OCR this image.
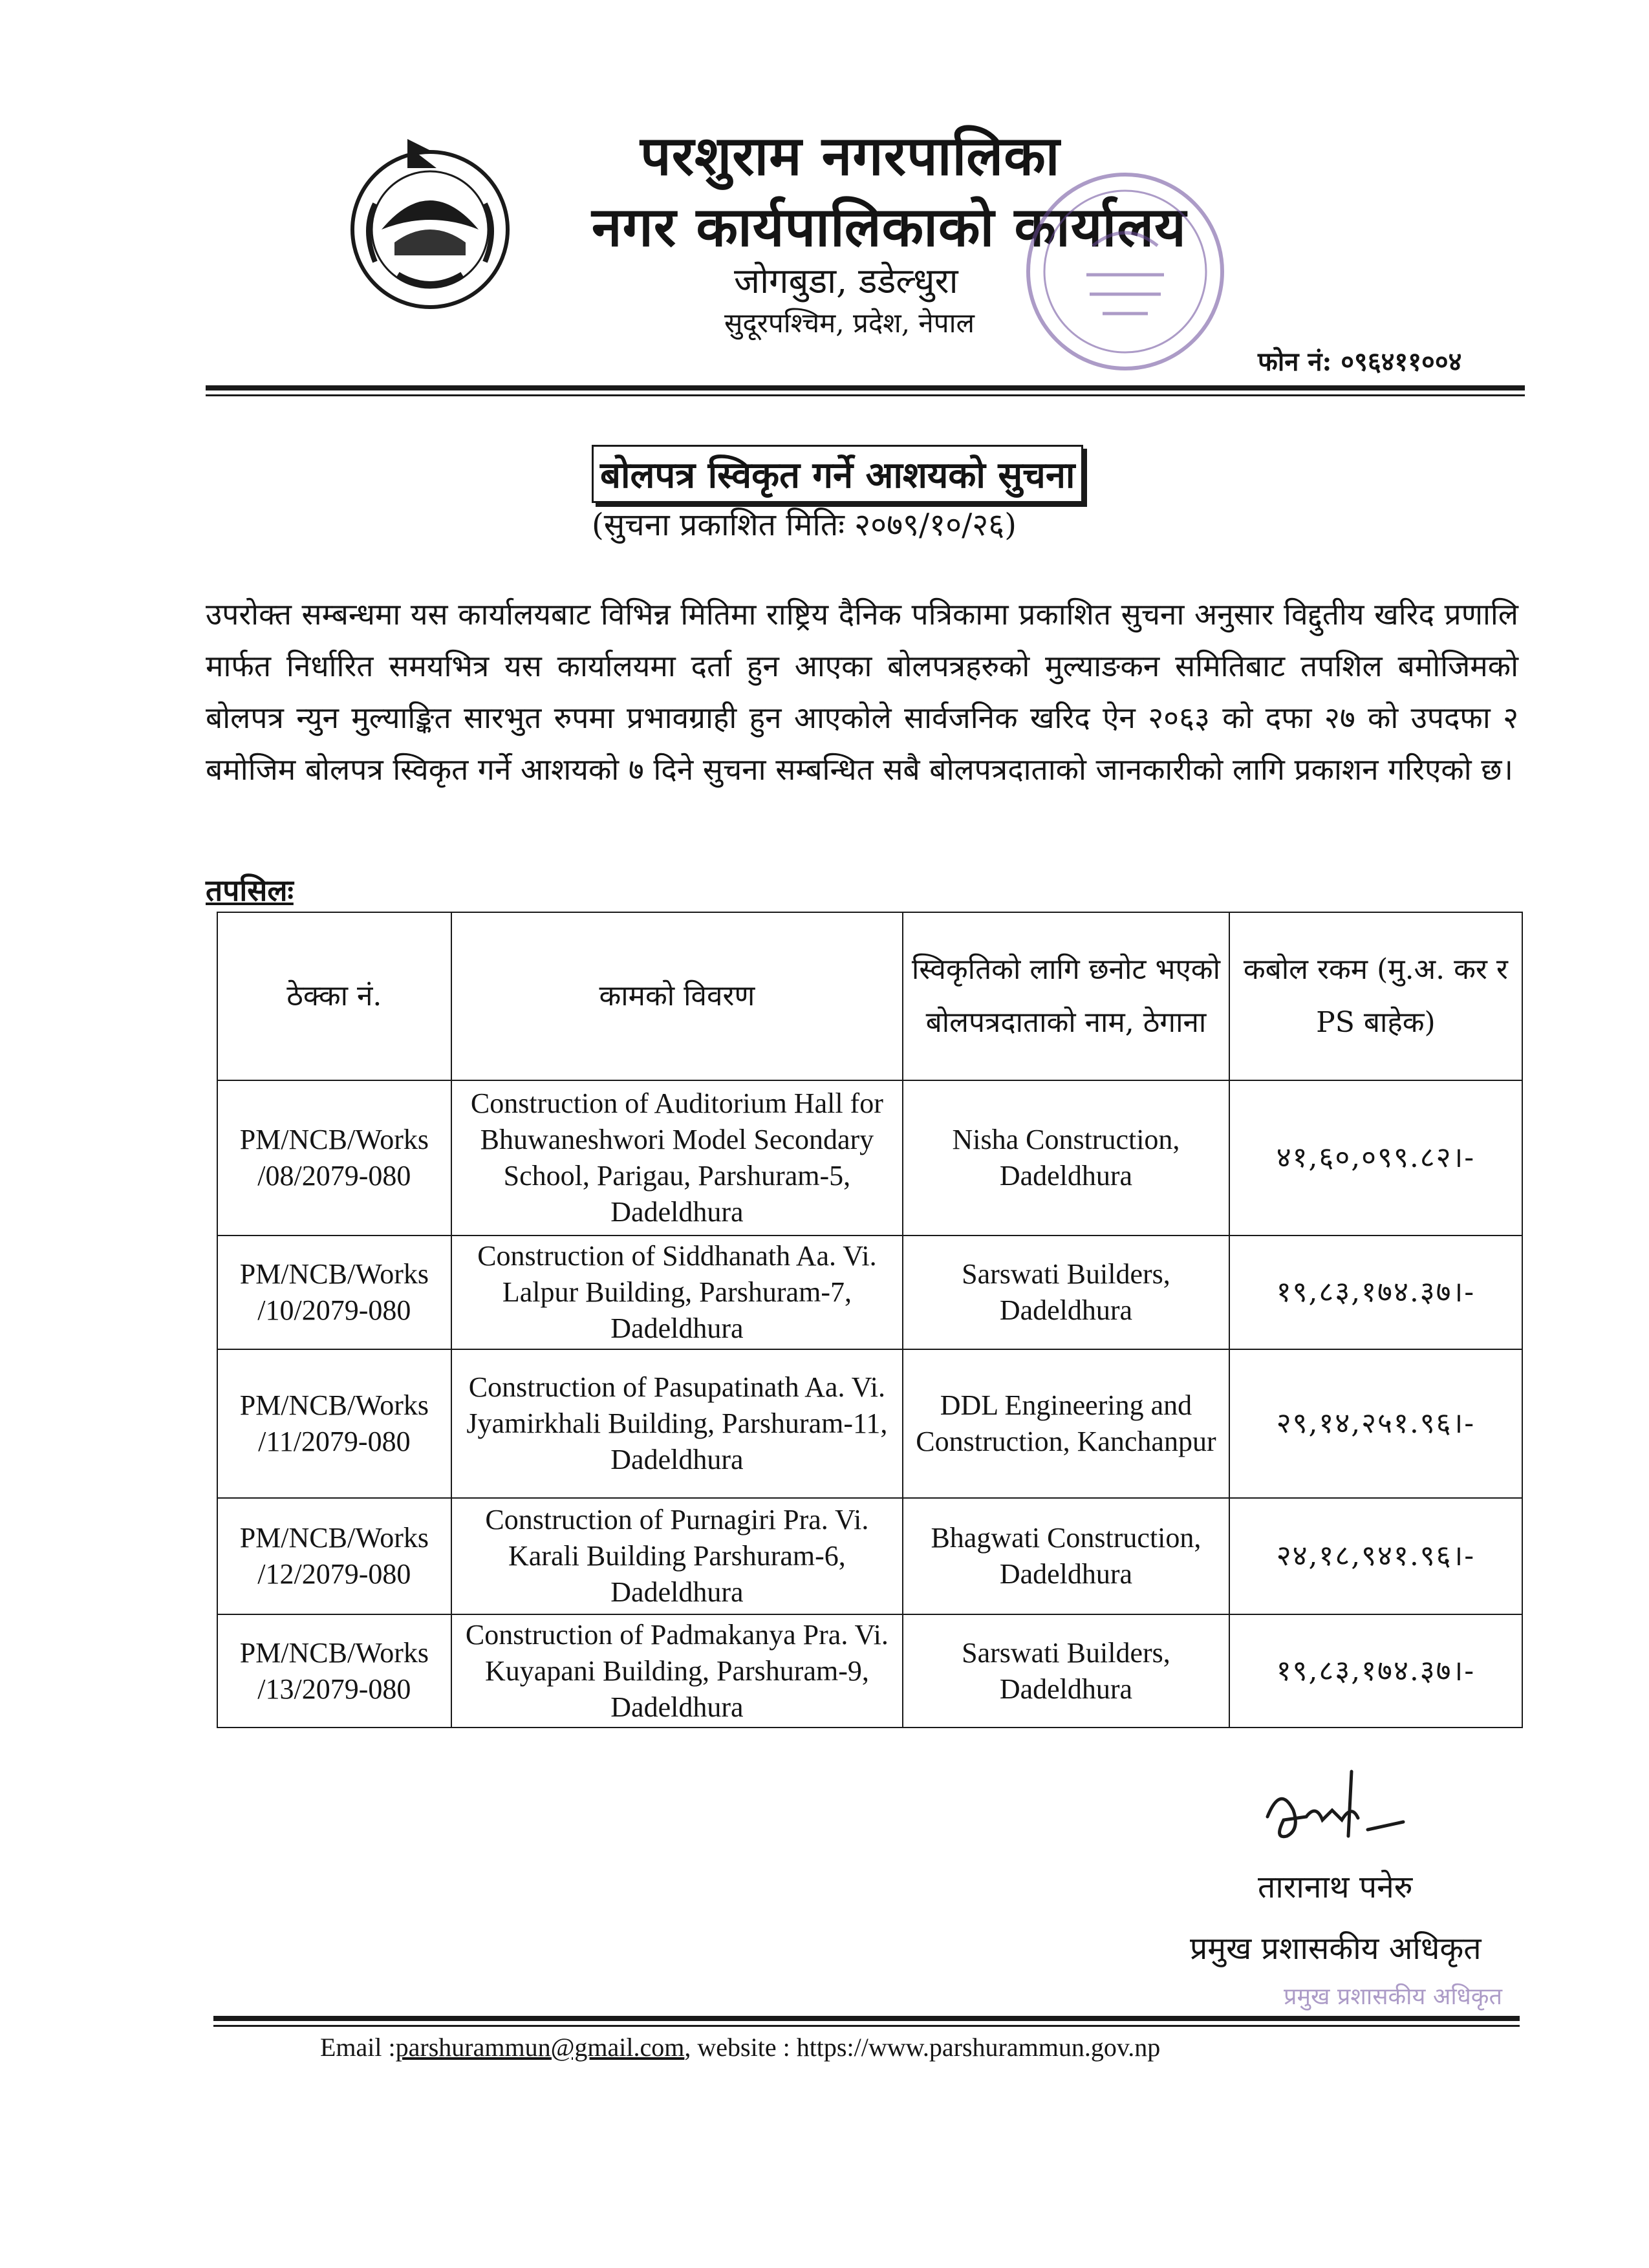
परशुराम नगरपालिका
नगर कार्यपालिकाको कार्यालय
जोगबुडा, डडेल्धुरा
सुदूरपश्चिम, प्रदेश, नेपाल
फोन नं: ०९६४११००४
बोलपत्र स्विकृत गर्ने आशयको सुचना
(सुचना प्रकाशित मितिः २०७९/१०/२६)
उपरोक्त सम्बन्धमा यस कार्यालयबाट विभिन्न मितिमा राष्ट्रिय दैनिक पत्रिकामा प्रकाशित सुचना अनुसार विद्दुतीय खरिद प्रणालि मार्फत निर्धारित समयभित्र यस कार्यालयमा दर्ता हुन आएका बोलपत्रहरुको मुल्याङकन समितिबाट तपशिल बमोजिमको बोलपत्र न्युन मुल्याङ्कित सारभुत रुपमा प्रभावग्राही हुन आएकोले सार्वजनिक खरिद ऐन २०६३ को दफा २७ को उपदफा २ बमोजिम बोलपत्र स्विकृत गर्ने आशयको ७ दिने सुचना सम्बन्धित सबै बोलपत्रदाताको जानकारीको लागि प्रकाशन गरिएको छ।
तपसिलः
ठेक्का नं.	कामको विवरण	स्विकृतिको लागि छनोट भएको बोलपत्रदाताको नाम, ठेगाना	कबोल रकम (मु.अ. कर र PS बाहेक)
PM/NCB/Works /08/2079-080	Construction of Auditorium Hall for Bhuwaneshwori Model Secondary School, Parigau, Parshuram-5, Dadeldhura	Nisha Construction, Dadeldhura	४१,६०,०९९.८२।-
PM/NCB/Works /10/2079-080	Construction of Siddhanath Aa. Vi. Lalpur Building, Parshuram-7, Dadeldhura	Sarswati Builders, Dadeldhura	१९,८३,१७४.३७।-
PM/NCB/Works /11/2079-080	Construction of Pasupatinath Aa. Vi. Jyamirkhali Building, Parshuram-11, Dadeldhura	DDL Engineering and Construction, Kanchanpur	२९,१४,२५१.९६।-
PM/NCB/Works /12/2079-080	Construction of Purnagiri Pra. Vi. Karali Building Parshuram-6, Dadeldhura	Bhagwati Construction, Dadeldhura	२४,१८,९४१.९६।-
PM/NCB/Works /13/2079-080	Construction of Padmakanya Pra. Vi. Kuyapani Building, Parshuram-9, Dadeldhura	Sarswati Builders, Dadeldhura	१९,८३,१७४.३७।-
तारानाथ पनेरु
प्रमुख प्रशासकीय अधिकृत
प्रमुख प्रशासकीय अधिकृत
Email :parshurammun@gmail.com, website : https://www.parshurammun.gov.np
